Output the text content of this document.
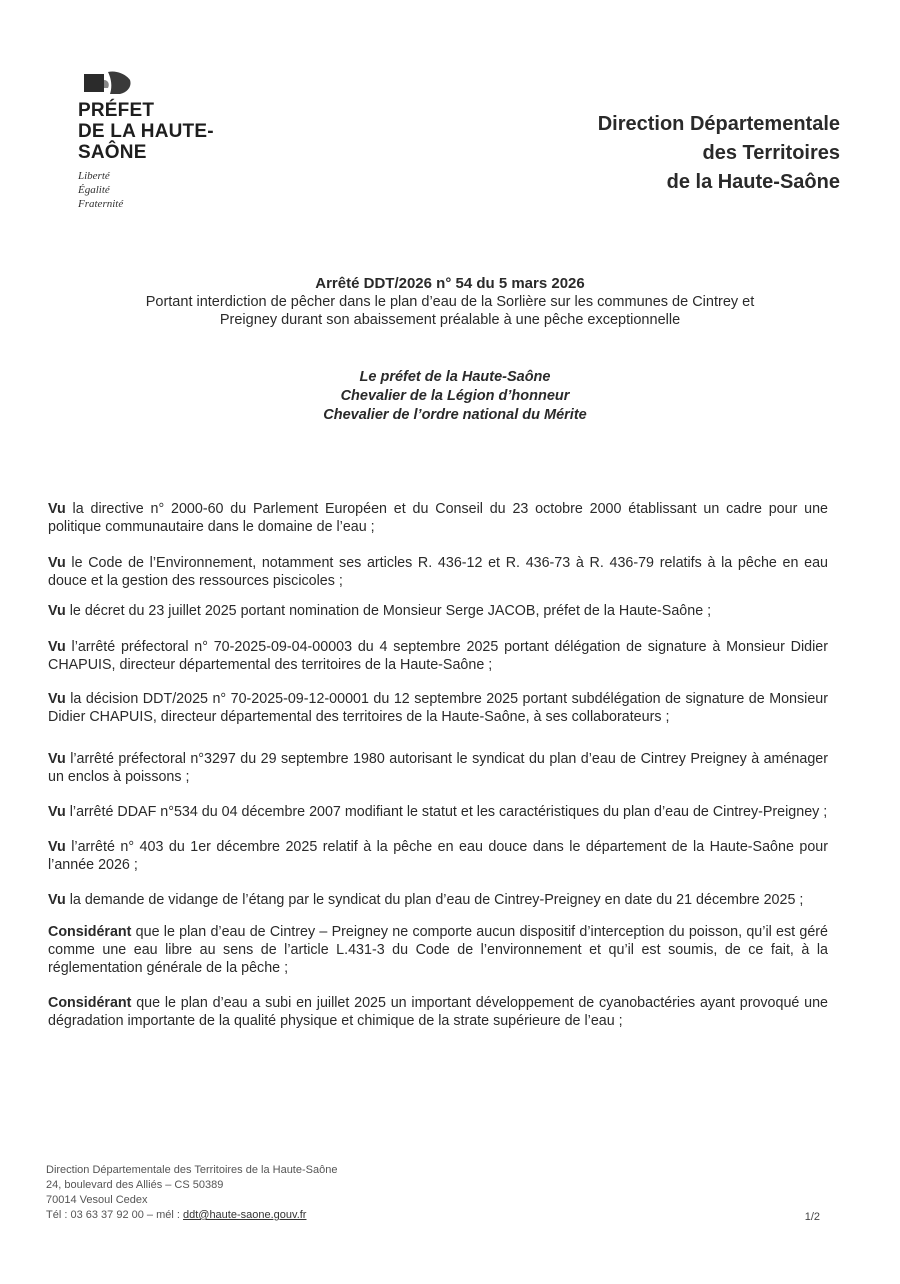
PRÉFET
DE LA HAUTE-
SAÔNE
Liberté
Égalité
Fraternité
Direction Départementale
des Territoires
de la Haute-Saône
Arrêté DDT/2026 n° 54 du 5 mars 2026
Portant interdiction de pêcher dans le plan d’eau de la Sorlière sur les communes de Cintrey et
Preigney durant son abaissement préalable à une pêche exceptionnelle
Le préfet de la Haute-Saône
Chevalier de la Légion d’honneur
Chevalier de l’ordre national du Mérite

Vu la directive n° 2000-60 du Parlement Européen et du Conseil du 23 octobre 2000 établissant un cadre pour une politique communautaire dans le domaine de l’eau ;

Vu le Code de l’Environnement, notamment ses articles R. 436-12 et R. 436-73 à R. 436-79 relatifs à la pêche en eau douce et la gestion des ressources piscicoles ;

Vu le décret du 23 juillet 2025 portant nomination de Monsieur Serge JACOB, préfet de la Haute-Saône ;

Vu l’arrêté préfectoral n° 70-2025-09-04-00003 du 4 septembre 2025 portant délégation de signature à Monsieur Didier CHAPUIS, directeur départemental des territoires de la Haute-Saône ;

Vu la décision DDT/2025 n° 70-2025-09-12-00001 du 12 septembre 2025 portant subdélégation de signature de Monsieur Didier CHAPUIS, directeur départemental des territoires de la Haute-Saône, à ses collaborateurs ;

Vu l’arrêté préfectoral n°3297 du 29 septembre 1980 autorisant le syndicat du plan d’eau de Cintrey Preigney à aménager un enclos à poissons ;

Vu l’arrêté DDAF n°534 du 04 décembre 2007 modifiant le statut et les caractéristiques du plan d’eau de Cintrey-Preigney ;

Vu l’arrêté n° 403 du 1er décembre 2025 relatif à la pêche en eau douce dans le département de la Haute-Saône pour l’année 2026 ;

Vu la demande de vidange de l’étang par le syndicat du plan d’eau de Cintrey-Preigney en date du 21 décembre 2025 ;

Considérant que le plan d’eau de Cintrey – Preigney ne comporte aucun dispositif d’interception du poisson, qu’il est géré comme une eau libre au sens de l’article L.431-3 du Code de l’environnement et qu’il est soumis, de ce fait, à la réglementation générale de la pêche ;

Considérant que le plan d’eau a subi en juillet 2025 un important développement de cyanobactéries ayant provoqué une dégradation importante de la qualité physique et chimique de la strate supérieure de l’eau ;

Direction Départementale des Territoires de la Haute-Saône
24, boulevard des Alliés – CS 50389
70014 Vesoul Cedex
Tél : 03 63 37 92 00 – mél : ddt@haute-saone.gouv.fr	1/2
